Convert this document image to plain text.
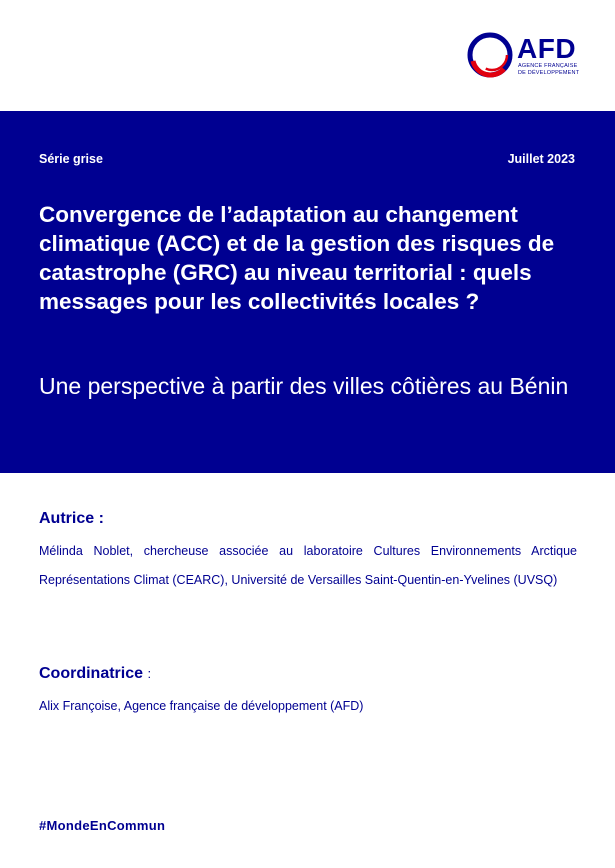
AFD
AGENCE FRANÇAISE
DE DÉVELOPPEMENT
Série grise	Juillet 2023
Convergence de l’adaptation au changement climatique (ACC) et de la gestion des risques de catastrophe (GRC) au niveau territorial : quels messages pour les collectivités locales ?
Une perspective à partir des villes côtières au Bénin
Autrice :
Mélinda Noblet, chercheuse associée au laboratoire Cultures Environnements Arctique Représentations Climat (CEARC), Université de Versailles Saint-Quentin-en-Yvelines (UVSQ)
Coordinatrice :
Alix Françoise, Agence française de développement (AFD)
#MondeEnCommun
